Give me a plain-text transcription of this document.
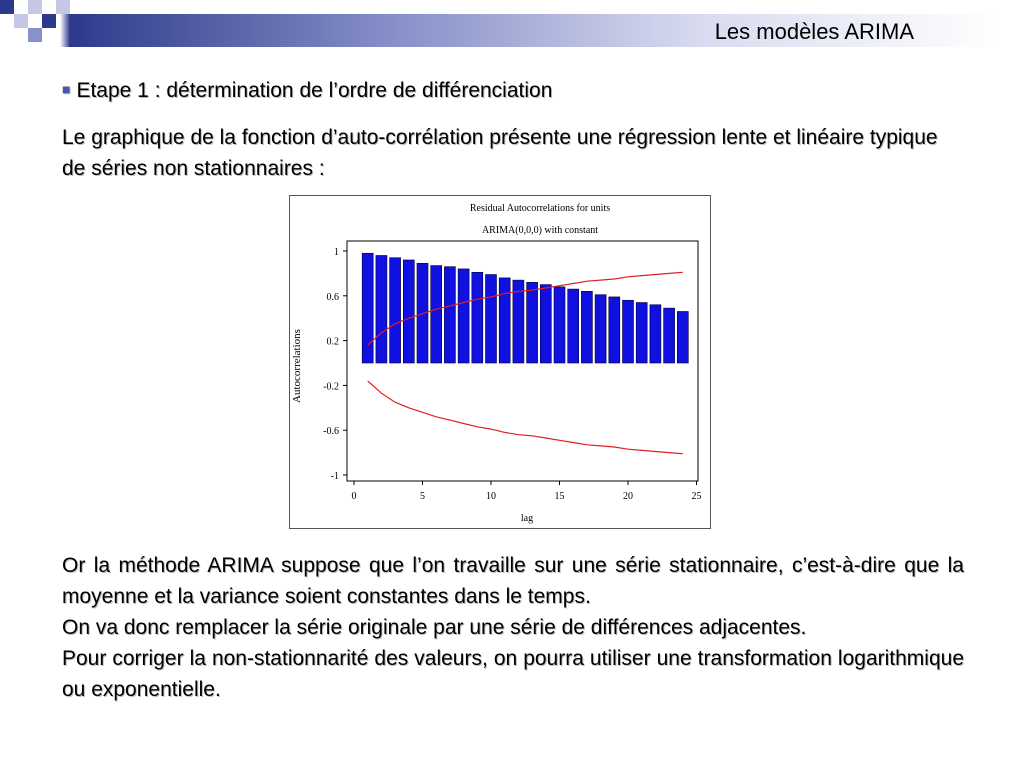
Les modèles ARIMA
■ Etape 1 : détermination de l’ordre de différenciation
Le graphique de la fonction d’auto-corrélation présente une régression lente et linéaire typique de séries non stationnaires :
Residual Autocorrelations for units
ARIMA(0,0,0) with constant
Autocorrelations
lag
1
0.6
0.2
-0.2
-0.6
-1
0	5	10	15	20	25

Or la méthode ARIMA suppose que l’on travaille sur une série stationnaire, c’est-à-dire que la moyenne et la variance soient constantes dans le temps.

On va donc remplacer la série originale par une série de différences adjacentes.

Pour corriger la non-stationnarité des valeurs, on pourra utiliser une transformation logarithmique ou exponentielle.
